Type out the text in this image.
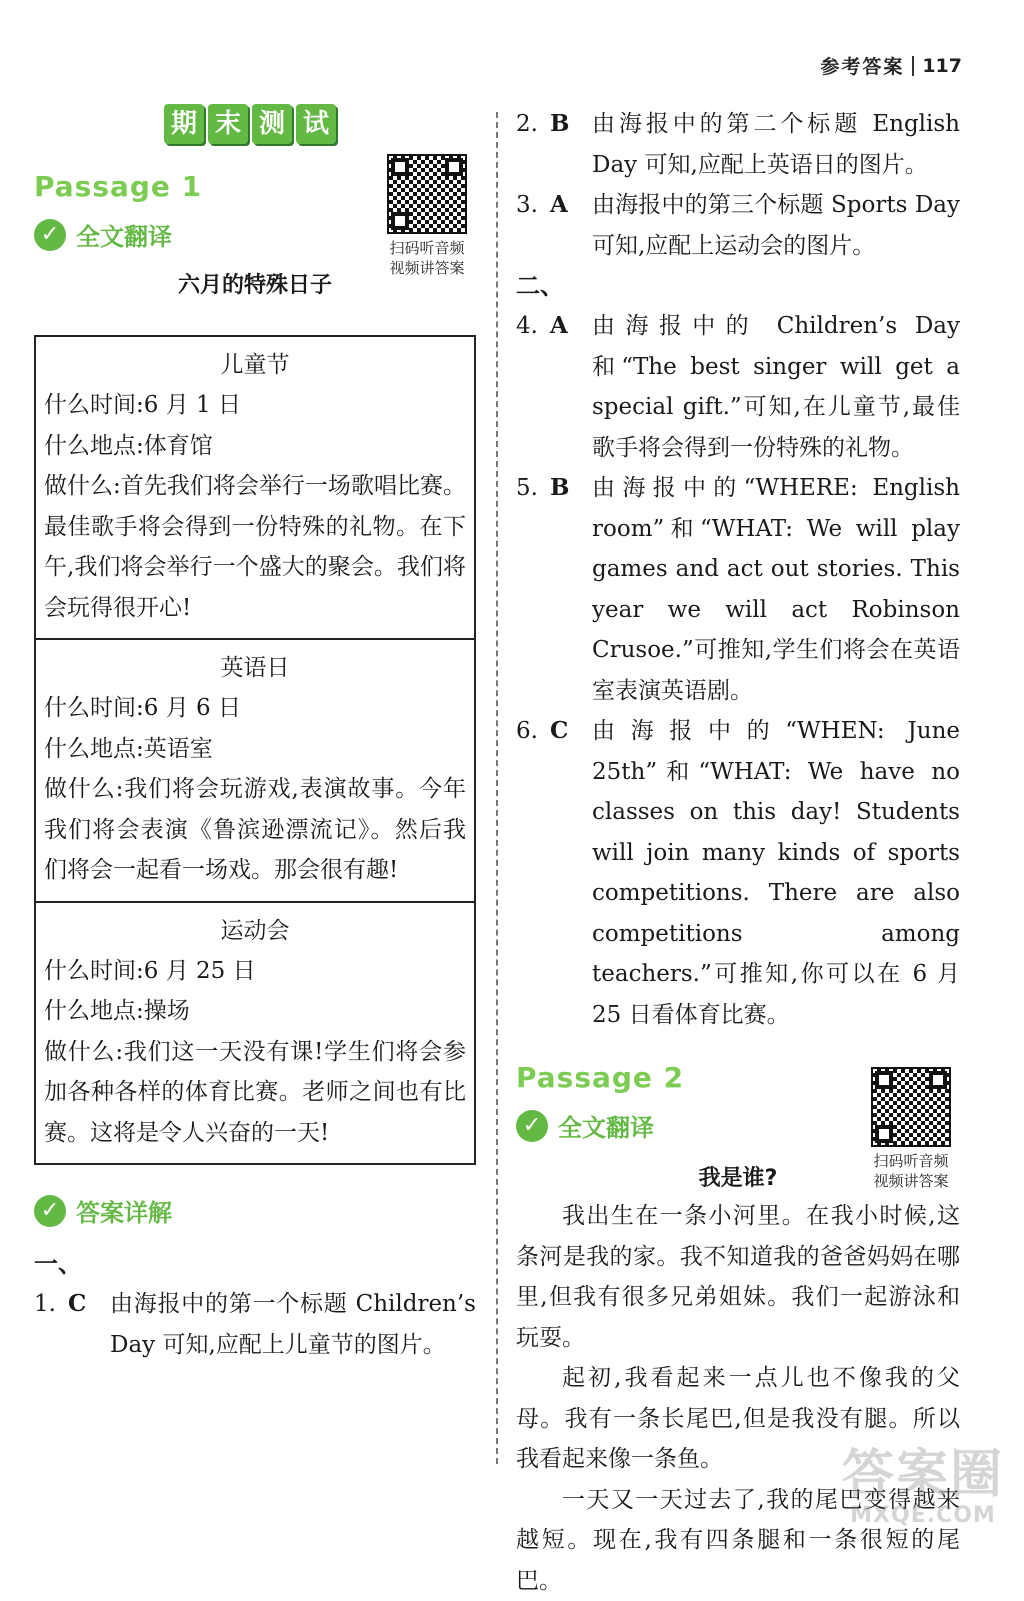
参考答案 117
期 末 测 试
扫码听音频
视频讲答案
Passage 1
✓ 全文翻译
六月的特殊日子
儿童节

什么时间:6 月 1 日

什么地点:体育馆

做什么:首先我们将会举行一场歌唱比赛。最佳歌手将会得到一份特殊的礼物。在下午,我们将会举行一个盛大的聚会。我们将会玩得很开心!

英语日

什么时间:6 月 6 日

什么地点:英语室

做什么:我们将会玩游戏,表演故事。今年我们将会表演《鲁滨逊漂流记》。然后我们将会一起看一场戏。那会很有趣!

运动会

什么时间:6 月 25 日

什么地点:操场

做什么:我们这一天没有课!学生们将会参加各种各样的体育比赛。老师之间也有比赛。这将是令人兴奋的一天!

✓ 答案详解
一、
1. C	由海报中的第一个标题 Children’s Day 可知,应配上儿童节的图片。
2. B 由海报中的第二个标题 English Day 可知,应配上英语日的图片。
3. A	由海报中的第三个标题 Sports Day 可知,应配上运动会的图片。
二、
4. A	由海报中的 Children’s Day 和“The best singer will get a special gift.”可知,在儿童节,最佳歌手将会得到一份特殊的礼物。
5. B 由海报中的“WHERE: English room”和“WHAT: We will play games and act out stories. This year we will act Robinson Crusoe.”可推知,学生们将会在英语室表演英语剧。
6. C	由海报中的“WHEN: June 25th”和“WHAT: We have no classes on this day! Students will join many kinds of sports competitions. There are also competitions among teachers.”可推知,你可以在 6 月 25 日看体育比赛。
Passage 2
✓ 全文翻译
扫码听音频
视频讲答案
我是谁?

我出生在一条小河里。在我小时候,这条河是我的家。我不知道我的爸爸妈妈在哪里,但我有很多兄弟姐妹。我们一起游泳和玩耍。

起初,我看起来一点儿也不像我的父母。我有一条长尾巴,但是我没有腿。所以我看起来像一条鱼。

一天又一天过去了,我的尾巴变得越来越短。现在,我有四条腿和一条很短的尾巴。

答案圈
MXQE.COM
